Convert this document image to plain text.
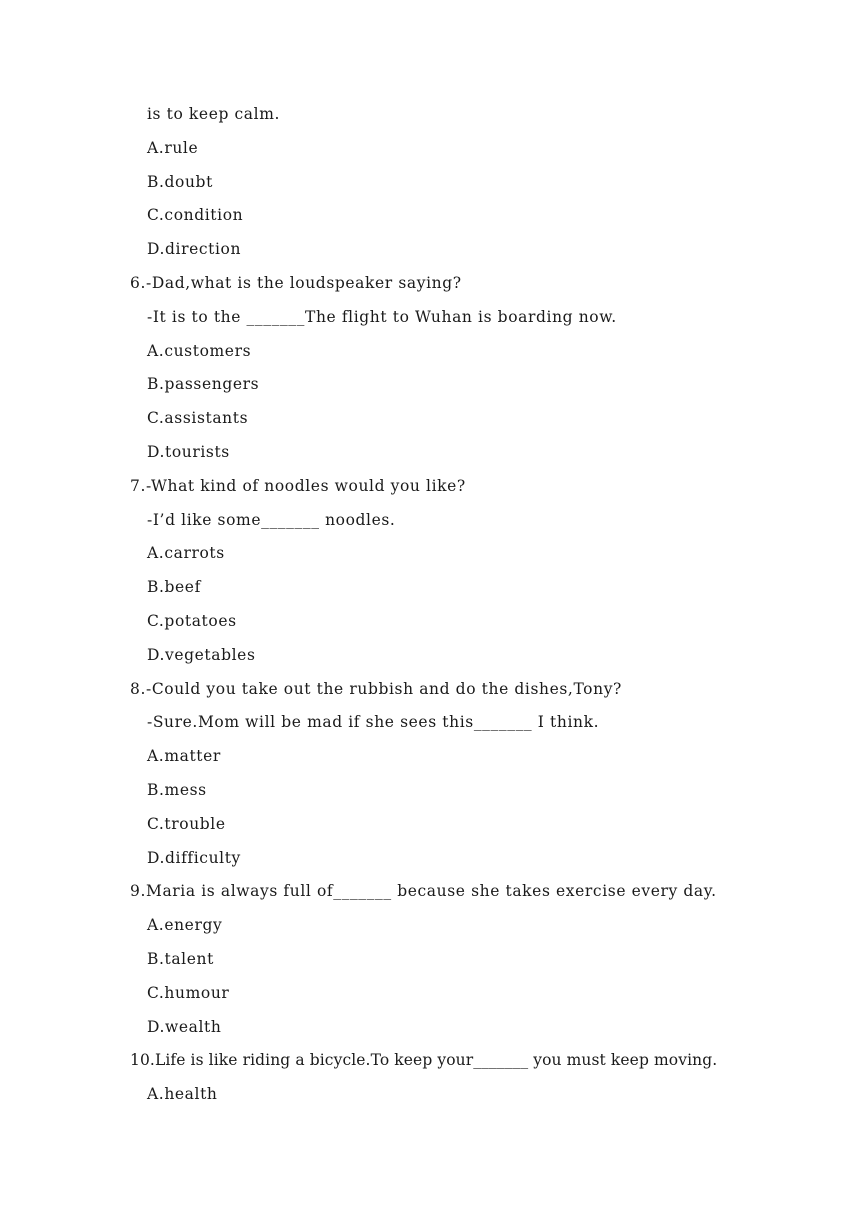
is to keep calm.
A.rule
B.doubt
C.condition
D.direction
6.-Dad,what is the loudspeaker saying?
-It is to the _______The flight to Wuhan is boarding now.
A.customers
B.passengers
C.assistants
D.tourists
7.-What kind of noodles would you like?
-I’d like some_______ noodles.
A.carrots
B.beef
C.potatoes
D.vegetables
8.-Could you take out the rubbish and do the dishes,Tony?
-Sure.Mom will be mad if she sees this_______ I think.
A.matter
B.mess
C.trouble
D.difficulty
9.Maria is always full of_______ because she takes exercise every day.
A.energy
B.talent
C.humour
D.wealth
10.Life is like riding a bicycle.To keep your_______ you must keep moving.
A.health
